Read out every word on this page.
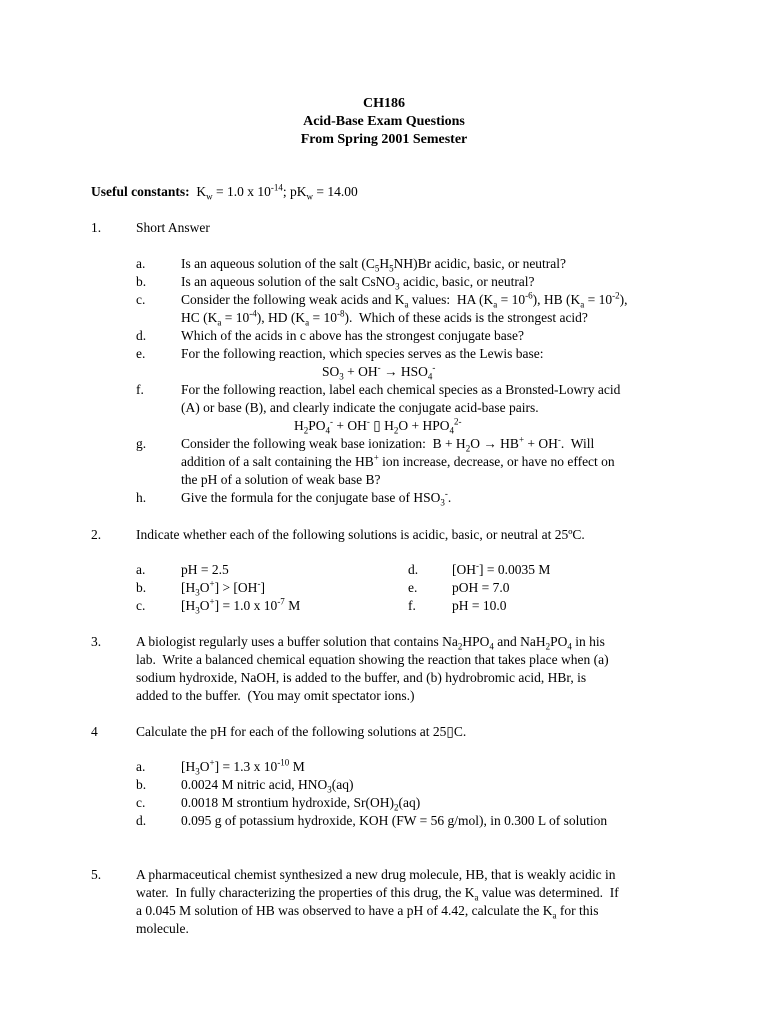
CH186
Acid-Base Exam Questions
From Spring 2001 Semester
Useful constants:  $K_w = 1.0$ x $10^{-14}$; $pK_w = 14.00$
1.	Short Answer
a.	Is an aqueous solution of the salt $(C_5H_5NH)Br$ acidic, basic, or neutral?
b.	Is an aqueous solution of the salt CsNO$_3$ acidic, basic, or neutral?
c.	Consider the following weak acids and $K_a$ values:  HA $(K_a = 10^{-6})$, HB $(K_a = 10^{-2})$,
HC $(K_a = 10^{-4})$, HD $(K_a = 10^{-8})$.  Which of these acids is the strongest acid?
d.	Which of the acids in c above has the strongest conjugate base?
e.	For the following reaction, which species serves as the Lewis base:
$SO_3 + OH^- \to HSO_4^-$
f.	For the following reaction, label each chemical species as a Bronsted-Lowry acid
(A) or base (B), and clearly indicate the conjugate acid-base pairs.
$H_2PO_4^- + OH^-$ ▯ $H_2O + HPO_4^{2-}$
g.	Consider the following weak base ionization:  $B + H_2O \to HB^+ + OH^-$.  Will
addition of a salt containing the HB+ ion increase, decrease, or have no effect on
the pH of a solution of weak base B?
h.	Give the formula for the conjugate base of $HSO_3^-$.
2.	Indicate whether each of the following solutions is acidic, basic, or neutral at 25ºC.
a.	pH = 2.5	d.	[OH-] = 0.0035 M
b.	$[H_3O^+] > [OH^-]$	e.	pOH = 7.0
c.	$[H_3O^+] = 1.0$ x $10^{-7}$ M	f.	pH = 10.0
3.	A biologist regularly uses a buffer solution that contains $Na_2HPO_4$ and $NaH_2PO_4$ in his
lab.  Write a balanced chemical equation showing the reaction that takes place when (a)
sodium hydroxide, NaOH, is added to the buffer, and (b) hydrobromic acid, HBr, is
added to the buffer.  (You may omit spectator ions.)
4	Calculate the pH for each of the following solutions at 25▯C.
a.	$[H_3O^+] = 1.3$ x $10^{-10}$ M
b.	0.0024 M nitric acid, $HNO_3(aq)$
c.	0.0018 M strontium hydroxide, $Sr(OH)_2(aq)$
d.	0.095 g of potassium hydroxide, KOH (FW = 56 g/mol), in 0.300 L of solution
5.	A pharmaceutical chemist synthesized a new drug molecule, HB, that is weakly acidic in
water.  In fully characterizing the properties of this drug, the $K_a$ value was determined.  If
a 0.045 M solution of HB was observed to have a pH of 4.42, calculate the $K_a$ for this
molecule.
